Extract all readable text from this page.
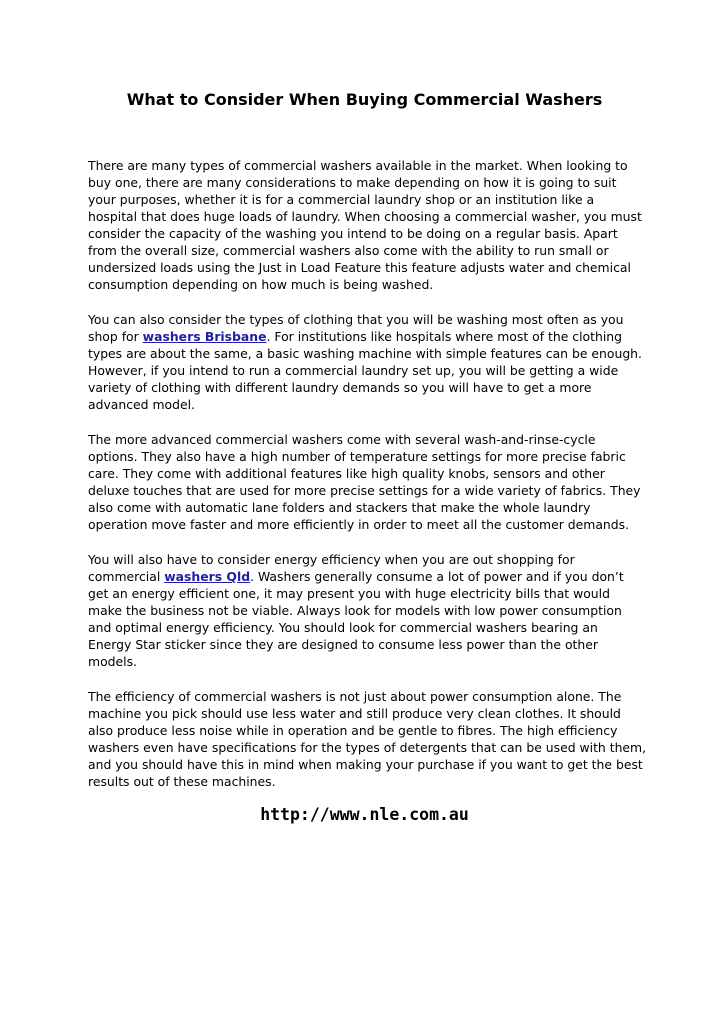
What to Consider When Buying Commercial Washers

There are many types of commercial washers available in the market. When looking to
buy one, there are many considerations to make depending on how it is going to suit
your purposes, whether it is for a commercial laundry shop or an institution like a
hospital that does huge loads of laundry. When choosing a commercial washer, you must
consider the capacity of the washing you intend to be doing on a regular basis. Apart
from the overall size, commercial washers also come with the ability to run small or
undersized loads using the Just in Load Feature this feature adjusts water and chemical
consumption depending on how much is being washed.

You can also consider the types of clothing that you will be washing most often as you
shop for washers Brisbane. For institutions like hospitals where most of the clothing
types are about the same, a basic washing machine with simple features can be enough.
However, if you intend to run a commercial laundry set up, you will be getting a wide
variety of clothing with different laundry demands so you will have to get a more
advanced model.

The more advanced commercial washers come with several wash-and-rinse-cycle
options. They also have a high number of temperature settings for more precise fabric
care. They come with additional features like high quality knobs, sensors and other
deluxe touches that are used for more precise settings for a wide variety of fabrics. They
also come with automatic lane folders and stackers that make the whole laundry
operation move faster and more efficiently in order to meet all the customer demands.

You will also have to consider energy efficiency when you are out shopping for
commercial washers Qld. Washers generally consume a lot of power and if you don’t
get an energy efficient one, it may present you with huge electricity bills that would
make the business not be viable. Always look for models with low power consumption
and optimal energy efficiency. You should look for commercial washers bearing an
Energy Star sticker since they are designed to consume less power than the other
models.

The efficiency of commercial washers is not just about power consumption alone. The
machine you pick should use less water and still produce very clean clothes. It should
also produce less noise while in operation and be gentle to fibres. The high efficiency
washers even have specifications for the types of detergents that can be used with them,
and you should have this in mind when making your purchase if you want to get the best
results out of these machines.

http://www.nle.com.au
